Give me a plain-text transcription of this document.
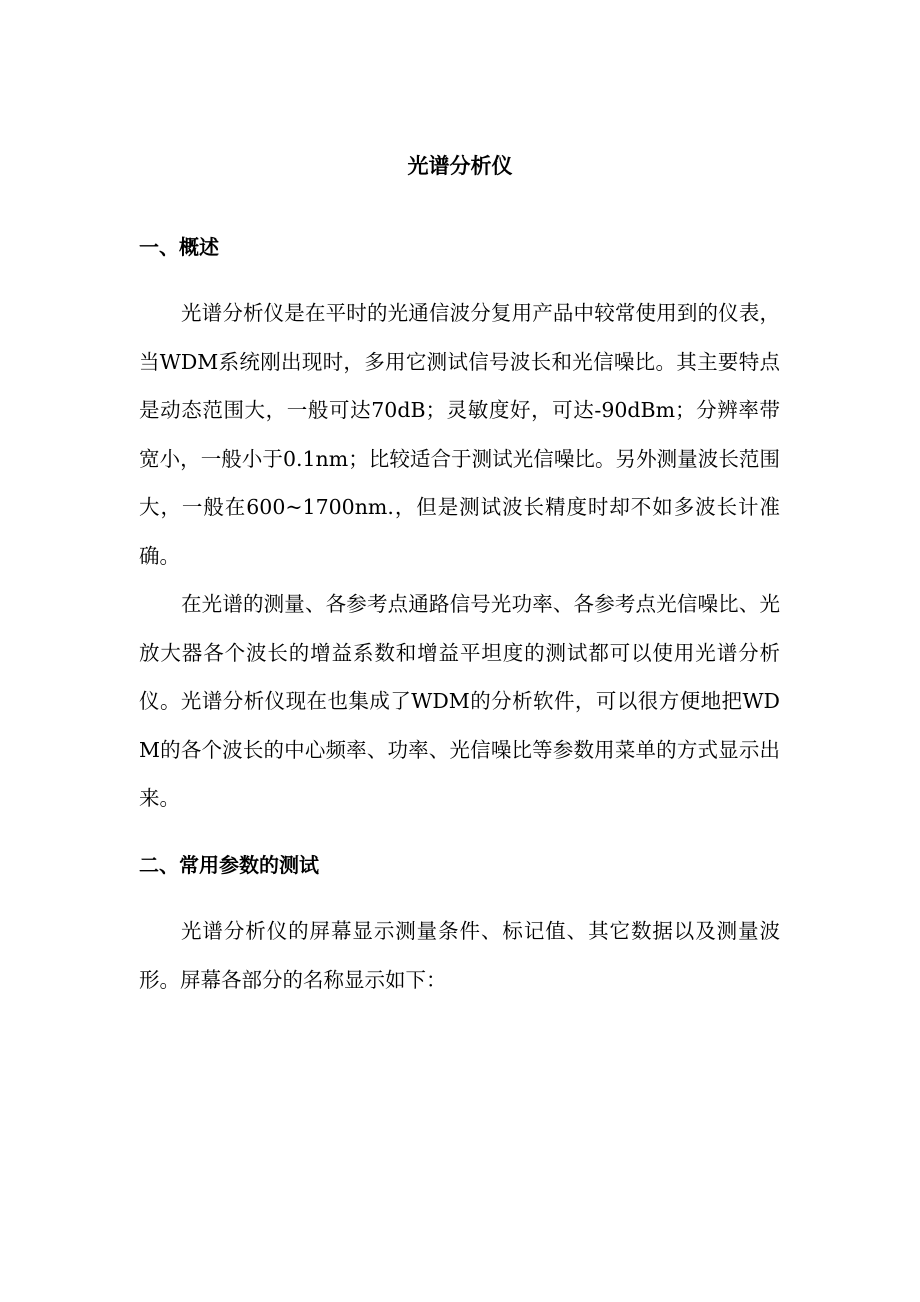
光谱分析仪
一、概述

光谱分析仪是在平时的光通信波分复用产品中较常使用到的仪表，当WDM系统刚出现时，多用它测试信号波长和光信噪比。其主要特点是动态范围大，一般可达70dB；灵敏度好，可达-90dBm；分辨率带宽小，一般小于0.1nm；比较适合于测试光信噪比。另外测量波长范围大，一般在600~1700nm.，但是测试波长精度时却不如多波长计准确。

在光谱的测量、各参考点通路信号光功率、各参考点光信噪比、光放大器各个波长的增益系数和增益平坦度的测试都可以使用光谱分析仪。光谱分析仪现在也集成了WDM的分析软件，可以很方便地把WDM的各个波长的中心频率、功率、光信噪比等参数用菜单的方式显示出来。

二、常用参数的测试

光谱分析仪的屏幕显示测量条件、标记值、其它数据以及测量波形。屏幕各部分的名称显示如下：
